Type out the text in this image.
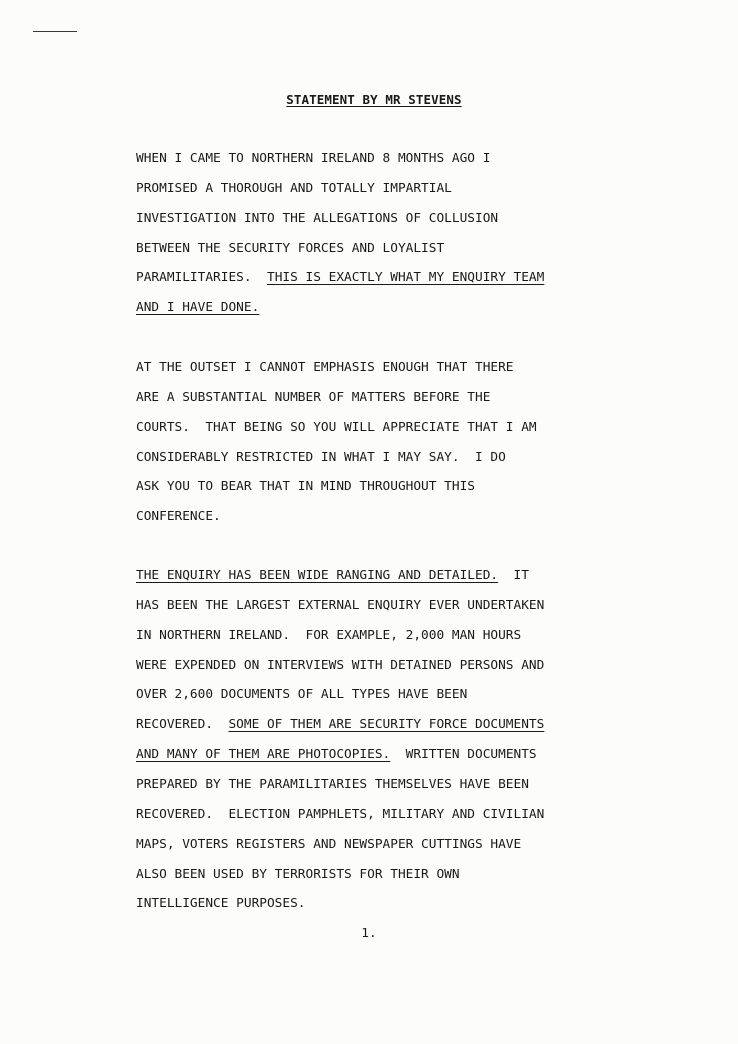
STATEMENT BY MR STEVENS
WHEN I CAME TO NORTHERN IRELAND 8 MONTHS AGO I
PROMISED A THOROUGH AND TOTALLY IMPARTIAL
INVESTIGATION INTO THE ALLEGATIONS OF COLLUSION
BETWEEN THE SECURITY FORCES AND LOYALIST
PARAMILITARIES.  THIS IS EXACTLY WHAT MY ENQUIRY TEAM
AND I HAVE DONE.
AT THE OUTSET I CANNOT EMPHASIS ENOUGH THAT THERE
ARE A SUBSTANTIAL NUMBER OF MATTERS BEFORE THE
COURTS.  THAT BEING SO YOU WILL APPRECIATE THAT I AM
CONSIDERABLY RESTRICTED IN WHAT I MAY SAY.  I DO
ASK YOU TO BEAR THAT IN MIND THROUGHOUT THIS
CONFERENCE.
THE ENQUIRY HAS BEEN WIDE RANGING AND DETAILED.  IT
HAS BEEN THE LARGEST EXTERNAL ENQUIRY EVER UNDERTAKEN
IN NORTHERN IRELAND.  FOR EXAMPLE, 2,000 MAN HOURS
WERE EXPENDED ON INTERVIEWS WITH DETAINED PERSONS AND
OVER 2,600 DOCUMENTS OF ALL TYPES HAVE BEEN
RECOVERED.  SOME OF THEM ARE SECURITY FORCE DOCUMENTS
AND MANY OF THEM ARE PHOTOCOPIES.  WRITTEN DOCUMENTS
PREPARED BY THE PARAMILITARIES THEMSELVES HAVE BEEN
RECOVERED.  ELECTION PAMPHLETS, MILITARY AND CIVILIAN
MAPS, VOTERS REGISTERS AND NEWSPAPER CUTTINGS HAVE
ALSO BEEN USED BY TERRORISTS FOR THEIR OWN
INTELLIGENCE PURPOSES.
1.
